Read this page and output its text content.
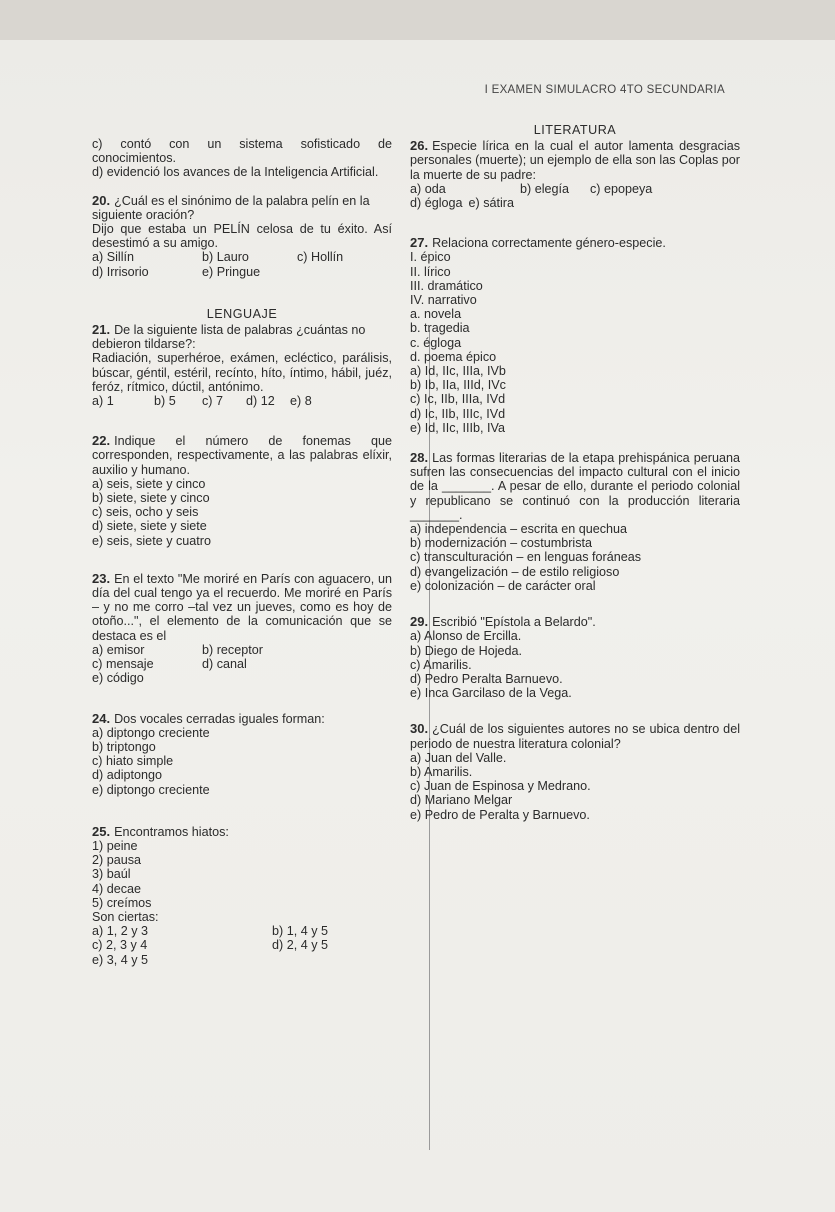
I EXAMEN SIMULACRO 4TO SECUNDARIA
c) contó con un sistema sofisticado de conocimientos.
d) evidenció los avances de la Inteligencia Artificial.
20. ¿Cuál es el sinónimo de la palabra pelín en la siguiente oración?
Dijo que estaba un PELÍN celosa de tu éxito. Así desestimó a su amigo.
a) Sillín	b) Lauro	c) Hollín
d) Irrisorio	e) Pringue
LENGUAJE
21. De la siguiente lista de palabras ¿cuántas no debieron tildarse?:
Radiación, superhéroe, exámen, ecléctico, parálisis, búscar, géntil, estéril, recínto, híto, íntimo, hábil, juéz, feróz, rítmico, dúctil, antónimo.
a) 1	b) 5 c) 7 d) 12 e) 8
22. Indique el número de fonemas que corresponden, respectivamente, a las palabras elíxir, auxilio y humano.
a) seis, siete y cinco
b) siete, siete y cinco
c) seis, ocho y seis
d) siete, siete y siete
e) seis, siete y cuatro
23. En el texto "Me moriré en París con aguacero, un día del cual tengo ya el recuerdo. Me moriré en París – y no me corro –tal vez un jueves, como es hoy de otoño...", el elemento de la comunicación que se destaca es el
a) emisor	b) receptor
c) mensaje	d) canal
e) código
24. Dos vocales cerradas iguales forman:
a) diptongo creciente
b) triptongo
c) hiato simple
d) adiptongo
e) diptongo creciente
25. Encontramos hiatos:
1) peine
2) pausa
3) baúl
4) decae
5) creímos
Son ciertas:
a) 1, 2 y 3	b) 1, 4 y 5
c) 2, 3 y 4	d) 2, 4 y 5
e) 3, 4 y 5
LITERATURA
26. Especie lírica en la cual el autor lamenta desgracias personales (muerte); un ejemplo de ella son las Coplas por la muerte de su padre:
a) oda	b) elegía c) epopeya
d) égloga e) sátira
27. Relaciona correctamente género-especie.
I. épico
II. lírico
III. dramático
IV. narrativo
a. novela
b. tragedia
c. égloga
d. poema épico
a) Id, IIc, IIIa, IVb
b) Ib, IIa, IIId, IVc
c) Ic, IIb, IIIa, IVd
d) Ic, IIb, IIIc, IVd
e) Id, IIc, IIIb, IVa
28. Las formas literarias de la etapa prehispánica peruana sufren las consecuencias del impacto cultural con el inicio de la _______. A pesar de ello, durante el periodo colonial y republicano se continuó con la producción literaria _______.
a) independencia – escrita en quechua
b) modernización – costumbrista
c) transculturación – en lenguas foráneas
d) evangelización – de estilo religioso
e) colonización – de carácter oral
29. Escribió "Epístola a Belardo".
a) Alonso de Ercilla.
b) Diego de Hojeda.
c) Amarilis.
d) Pedro Peralta Barnuevo.
e) Inca Garcilaso de la Vega.
30. ¿Cuál de los siguientes autores no se ubica dentro del periodo de nuestra literatura colonial?
a) Juan del Valle.
b) Amarilis.
c) Juan de Espinosa y Medrano.
d) Mariano Melgar
e) Pedro de Peralta y Barnuevo.
